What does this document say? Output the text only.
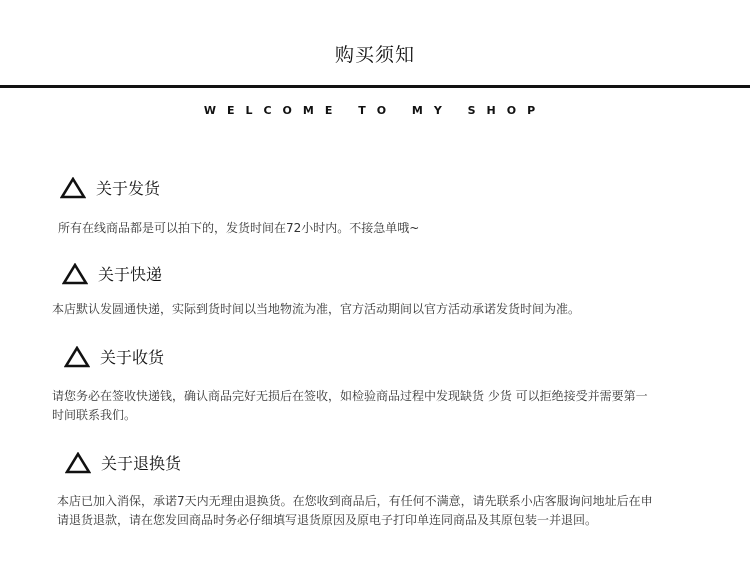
购买须知
WELCOME TO MY SHOP
关于发货
所有在线商品都是可以拍下的，发货时间在72小时内。不接急单哦~
关于快递
本店默认发圆通快递，实际到货时间以当地物流为准，官方活动期间以官方活动承诺发货时间为准。
关于收货
请您务必在签收快递钱，确认商品完好无损后在签收，如检验商品过程中发现缺货 少货 可以拒绝接受并需要第一时间联系我们。
关于退换货
本店已加入消保，承诺7天内无理由退换货。在您收到商品后，有任何不满意，请先联系小店客服询问地址后在申请退货退款，请在您发回商品时务必仔细填写退货原因及原电子打印单连同商品及其原包装一并退回。
